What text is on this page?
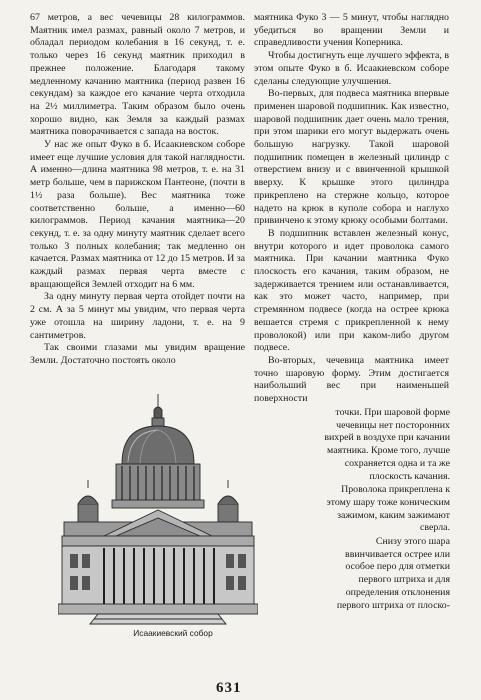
67 метров, а вес чечевицы 28 килограммов. Маятник имел размах, равный около 7 метров, и обладал периодом колебания в 16 секунд, т. е. только через 16 секунд маятник приходил в прежнее положение. Благодаря такому медленному качанию маятника (период развен 16 секундам) за каждое его качание черта отходила на 2½ миллиметра. Таким образом было очень хорошо видно, как Земля за каждый размах маятника поворачивается с запада на восток.

У нас же опыт Фуко в б. Исаакиевском соборе имеет еще лучшие условия для такой наглядности. А именно—длина маятника 98 метров, т. е. на 31 метр больше, чем в парижском Пантеоне, (почти в 1½ раза больше). Вес маятника тоже соответственно больше, а именно—60 килограммов. Период качания маятника—20 секунд, т. е. за одну минуту маятник сделает всего только 3 полных колебания; так медленно он качается. Размах маятника от 12 до 15 метров. И за каждый размах первая черта вместе с вращающейся Землей отходит на 6 мм.

За одну минуту первая черта отойдет почти на 2 см. А за 5 минут мы увидим, что первая черта уже отошла на ширину ладони, т. е. на 9 сантиметров.

Так своими глазами мы увидим вращение Земли. Достаточно постоять около

маятника Фуко 3 — 5 минут, чтобы наглядно убедиться во вращении Земли и справедливости учения Коперника.

Чтобы достигнуть еще лучшего эффекта, в этом опыте Фуко в б. Исаакиевском соборе сделаны следующие улучшения.

Во-первых, для подвеса маятника впервые применен шаровой подшипник. Как известно, шаровой подшипник дает очень мало трения, при этом шарики его могут выдержать очень большую нагрузку. Такой шаровой подшипник помещен в железный цилиндр с отверстием внизу и с ввинченной крышкой вверху. К крышке этого цилиндра прикреплено на стержне кольцо, которое надето на крюк в куполе собора и наглухо привинчено к этому крюку особыми болтами.

В подшипник вставлен железный конус, внутри которого и идет проволока самого маятника. При качании маятника Фуко плоскость его качания, таким образом, не задерживается трением или останавливается, как это может часто, например, при стремянном подвесе (когда на острее крюка вешается стремя с прикрепленной к нему проволокой) или при каком-либо другом подвесе.

Во-вторых, чечевица маятника имеет точно шаровую форму. Этим достигается наибольший вес при наименьшей поверхности

Исаакиевский собор

точки. При шаровой форме чечевицы нет посторонних вихрей в воздухе при качании маятника. Кроме того, лучше сохраняется одна и та же плоскость качания.

Проволока прикреплена к этому шару тоже коническим зажимом, каким зажимают сверла.

Снизу этого шара ввинчивается острее или особое перо для отметки первого штриха и для определения отклонения первого штриха от плоско-

631
